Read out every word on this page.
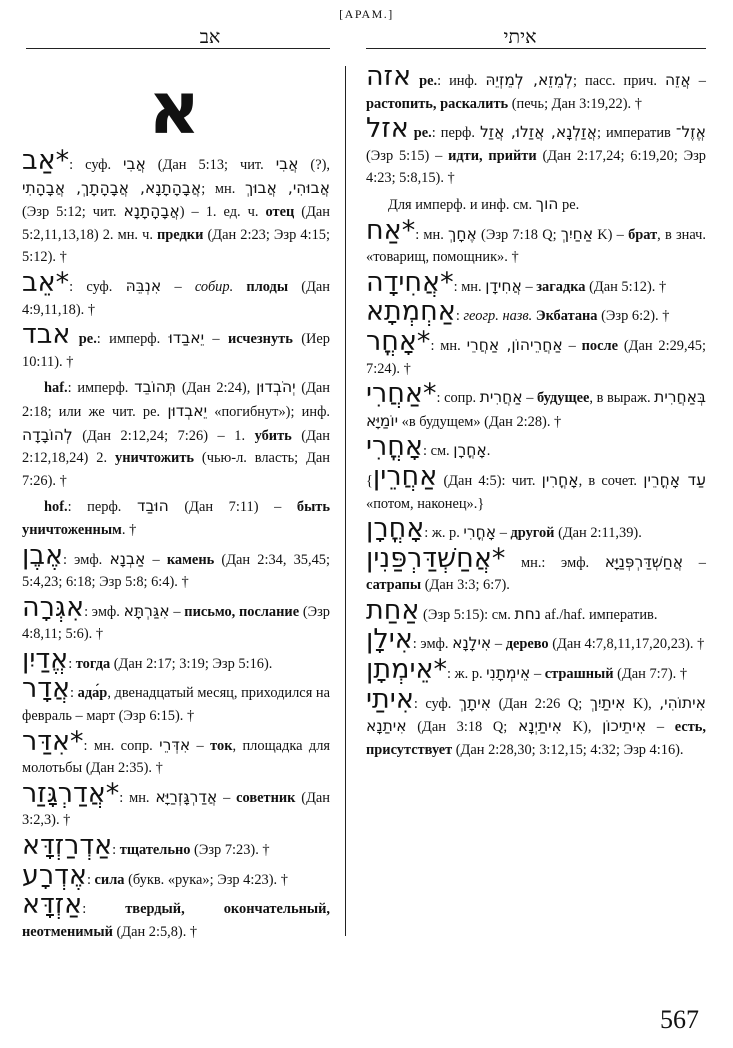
[АРАМ.]
אב	איתי
א

*אַב: суф. אֲבִי (Дан 5:13; чит. אֲבִי (?), אֲבָהָתָנָא, אֲבָהָתָךְ, אֲבָהָתִי; мн. אֲבוּהִי, אֲבוּךְ (Эзр 5:12; чит. אֲבָהָתָנָא) – 1. ед. ч. отец (Дан 5:2,11,13,18) 2. мн. ч. предки (Дан 2:23; Эзр 4:15; 5:12). †

*אֵב: суф. אִנְבֵּהּ – собир. плоды (Дан 4:9,11,18). †

אבד pe.: имперф. יֵאבַדוּ – исчезнуть (Иер 10:11). †

haf.: имперф. תְּהוֹבֵד (Дан 2:24), יְהֹבְדוּן (Дан 2:18; или же чит. pe. יֵאבְדוּן «погибнут»); инф. לְהוֹבָדָה (Дан 2:12,24; 7:26) – 1. убить (Дан 2:12,18,24) 2. уничтожить (чью-л. власть; Дан 7:26). †

hof.: перф. הוּבַד (Дан 7:11) – быть уничтоженным. †

אֶבֶן: эмф. אַבְנָא – камень (Дан 2:34, 35,45; 5:4,23; 6:18; Эзр 5:8; 6:4). †

אִגְּרָה: эмф. אִגַּרְתָּא – письмо, послание (Эзр 4:8,11; 5:6). †

אֱדַיִן: тогда (Дан 2:17; 3:19; Эзр 5:16).

אֲדָר: ада́р, двенадцатый месяц, приходился на февраль – март (Эзр 6:15). †

*אִדַּר: мн. сопр. אִדְּרֵי – ток, площадка для молотьбы (Дан 2:35). †

*אֲדַרְגָּזַר: мн. אֲדַרְגָּזְרַיָּא – советник (Дан 3:2,3). †

אַדְרַזְדָּא: тщательно (Эзр 7:23). †

אֶדְרָע: сила (букв. «рука»; Эзр 4:23). †

אַזְדָּא: твердый, окончательный, неотменимый (Дан 2:5,8). †

אזה pe.: инф. לְמֵזֵא, לְמֵזְיֵהּ; пасс. прич. אֲזֵה – растопить, раскалить (печь; Дан 3:19,22). †

אזל pe.: перф. אֲזַלְנָא, אֲזַלוּ, אֲזַל; императив אֱזֶל־ (Эзр 5:15) – идти, прийти (Дан 2:17,24; 6:19,20; Эзр 4:23; 5:8,15). †

Для имперф. и инф. см. הוך pe.

*אַח: мн. אֶחָךְ (Эзр 7:18 Q; אַחַיִךְ K) – брат, в знач. «товарищ, помощник». †

*אֲחִידָה: мн. אֲחִידָן – загадка (Дан 5:12). †

אַחְמְתָא: геогр. назв. Экбатана (Эзр 6:2). †

*אָחֳר: мн. אַחֲרֵיהוֹן, אַחֲרֵי – после (Дан 2:29,45; 7:24). †

*אַחֲרִי: сопр. אַחֲרִית – будущее, в выраж. בְּאַחֲרִית יוֹמַיָּא «в будущем» (Дан 2:28). †

אָחֳרִי: см. אָחֳרָן.

{אַחֲרֵין (Дан 4:5): чит. אָחֳרִין, в сочет. עַד אָחֳרֵין «потом, наконец».}

אָחֳרָן: ж. р. אָחֳרִי – другой (Дан 2:11,39).

*אֲחַשְׁדַּרְפַּנִין мн.: эмф. אֲחַשְׁדַּרְפְּנַיָּא – сатрапы (Дан 3:3; 6:7).

אַחַת (Эзр 5:15): см. נחת af./haf. императив.

אִילָן: эмф. אִילָנָא – дерево (Дан 4:7,8,11,17,20,23). †

*אֵימְתָן: ж. р. אֵימְתָנִי – страшный (Дан 7:7). †

אִיתַי: суф. אִיתָךְ (Дан 2:26 Q; אִיתַיִךְ K), אִיתוֹהִי, אִיתַנָא (Дан 3:18 Q; אִיתַיְנָא K), אִיתֵיכוֹן – есть, присутствует (Дан 2:28,30; 3:12,15; 4:32; Эзр 4:16).

567
